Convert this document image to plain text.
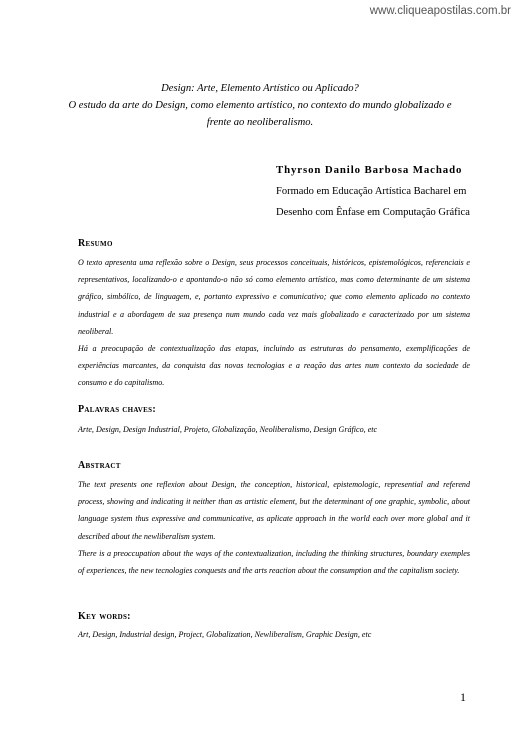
www.cliqueapostilas.com.br
Design: Arte, Elemento Artístico ou Aplicado?
O estudo da arte do Design, como elemento artístico, no contexto do mundo globalizado e
frente ao neoliberalismo.
Thyrson Danilo Barbosa Machado
Formado em Educação Artística Bacharel em
Desenho com Ênfase em Computação Gráfica
Resumo

O texto apresenta uma reflexão sobre o Design, seus processos conceituais, históricos, epistemológicos, referenciais e representativos, localizando-o e apontando-o não só como elemento artístico, mas como determinante de um sistema gráfico, simbólico, de linguagem, e, portanto expressivo e comunicativo; que como elemento aplicado no contexto industrial e a abordagem de sua presença num mundo cada vez mais globalizado e caracterizado por um sistema neoliberal.

Há a preocupação de contextualização das etapas, incluindo as estruturas do pensamento, exemplificações de experiências marcantes, da conquista das novas tecnologias e a reação das artes num contexto da sociedade de consumo e do capitalismo.

Palavras chaves:
Arte, Design, Design Industrial, Projeto, Globalização, Neoliberalismo, Design Gráfico, etc
Abstract

The text presents one reflexion about Design, the conception, historical, epistemologic, represential and referend process, showing and indicating it neither than as artistic element, but the determinant of one graphic, symbolic, about language system thus expressive and communicative, as aplicate approach in the world each over more global and it described about the newliberalism system.

There is a preoccupation about the ways of the contextualization, including the thinking structures, boundary exemples of experiences, the new tecnologies conquests and the arts reaction about the consumption and the capitalism society.

Key words:
Art, Design, Industrial design, Project, Globalization, Newliberalism, Graphic Design, etc
1
